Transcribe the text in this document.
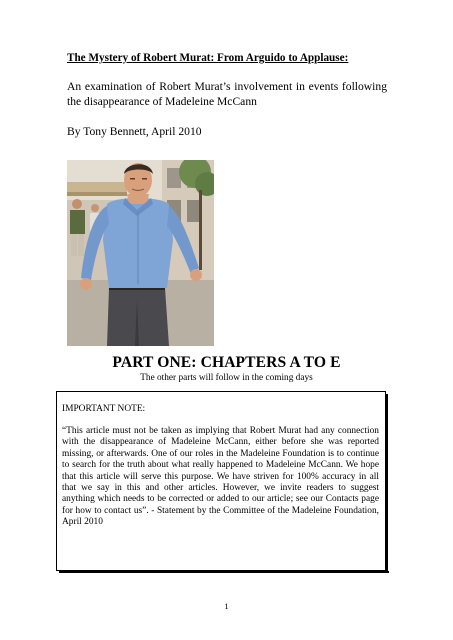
The Mystery of Robert Murat: From Arguido to Applause:
An examination of Robert Murat’s involvement in events following the disappearance of Madeleine McCann
By Tony Bennett, April 2010
PART ONE: CHAPTERS A TO E
The other parts will follow in the coming days

IMPORTANT NOTE:

“This article must not be taken as implying that Robert Murat had any connection with the disappearance of Madeleine McCann, either before she was reported missing, or afterwards. One of our roles in the Madeleine Foundation is to continue to search for the truth about what really happened to Madeleine McCann. We hope that this article will serve this purpose. We have striven for 100% accuracy in all that we say in this and other articles. However, we invite readers to suggest anything which needs to be corrected or added to our article; see our Contacts page for how to contact us”. - Statement by the Committee of the Madeleine Foundation, April 2010

1
